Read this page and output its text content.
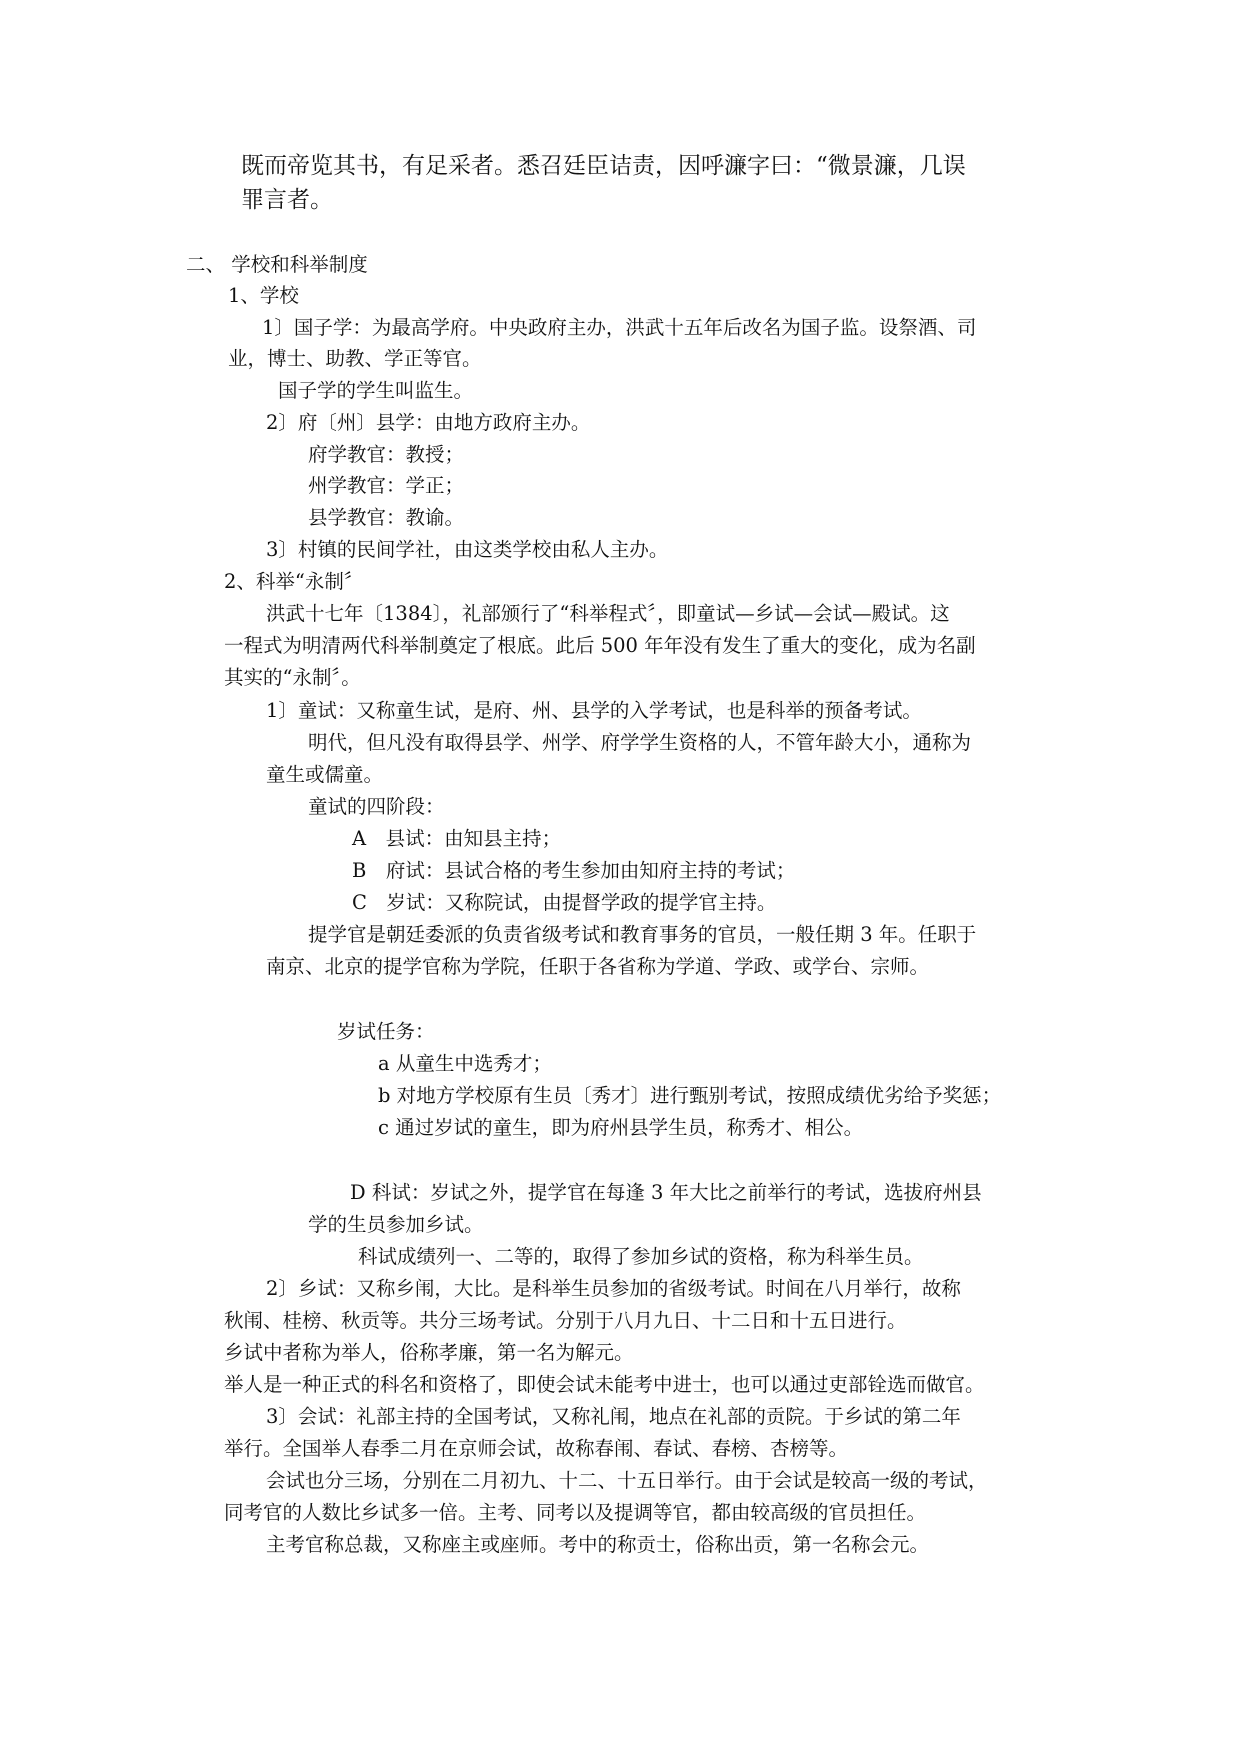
既而帝览其书，有足采者。悉召廷臣诘责，因呼濂字曰：“微景濂，几误

罪言者。

二、 学校和科举制度

1、学校

1〕国子学：为最高学府。中央政府主办，洪武十五年后改名为国子监。设祭酒、司

业，博士、助教、学正等官。

国子学的学生叫监生。

2〕府〔州〕县学：由地方政府主办。

府学教官：教授；

州学教官：学正；

县学教官：教谕。

3〕村镇的民间学社，由这类学校由私人主办。

2、科举“永制〞

洪武十七年〔1384〕，礼部颁行了“科举程式〞，即童试—乡试—会试—殿试。这

一程式为明清两代科举制奠定了根底。此后 500 年年没有发生了重大的变化，成为名副

其实的“永制〞。

1〕童试：又称童生试，是府、州、县学的入学考试，也是科举的预备考试。

明代，但凡没有取得县学、州学、府学学生资格的人，不管年龄大小，通称为

童生或儒童。

童试的四阶段：

A　县试：由知县主持；

B　府试：县试合格的考生参加由知府主持的考试；

C　岁试：又称院试，由提督学政的提学官主持。

提学官是朝廷委派的负责省级考试和教育事务的官员，一般任期 3 年。任职于

南京、北京的提学官称为学院，任职于各省称为学道、学政、或学台、宗师。

岁试任务：

a 从童生中选秀才；

b 对地方学校原有生员〔秀才〕进行甄别考试，按照成绩优劣给予奖惩；

c 通过岁试的童生，即为府州县学生员，称秀才、相公。

D 科试：岁试之外，提学官在每逢 3 年大比之前举行的考试，选拔府州县

学的生员参加乡试。

科试成绩列一、二等的，取得了参加乡试的资格，称为科举生员。

2〕乡试：又称乡闱，大比。是科举生员参加的省级考试。时间在八月举行，故称

秋闱、桂榜、秋贡等。共分三场考试。分别于八月九日、十二日和十五日进行。

乡试中者称为举人，俗称孝廉，第一名为解元。

举人是一种正式的科名和资格了，即使会试未能考中进士，也可以通过吏部铨选而做官。

3〕会试：礼部主持的全国考试，又称礼闱，地点在礼部的贡院。于乡试的第二年

举行。全国举人春季二月在京师会试，故称春闱、春试、春榜、杏榜等。

会试也分三场，分别在二月初九、十二、十五日举行。由于会试是较高一级的考试，

同考官的人数比乡试多一倍。主考、同考以及提调等官，都由较高级的官员担任。

主考官称总裁，又称座主或座师。考中的称贡士，俗称出贡，第一名称会元。
